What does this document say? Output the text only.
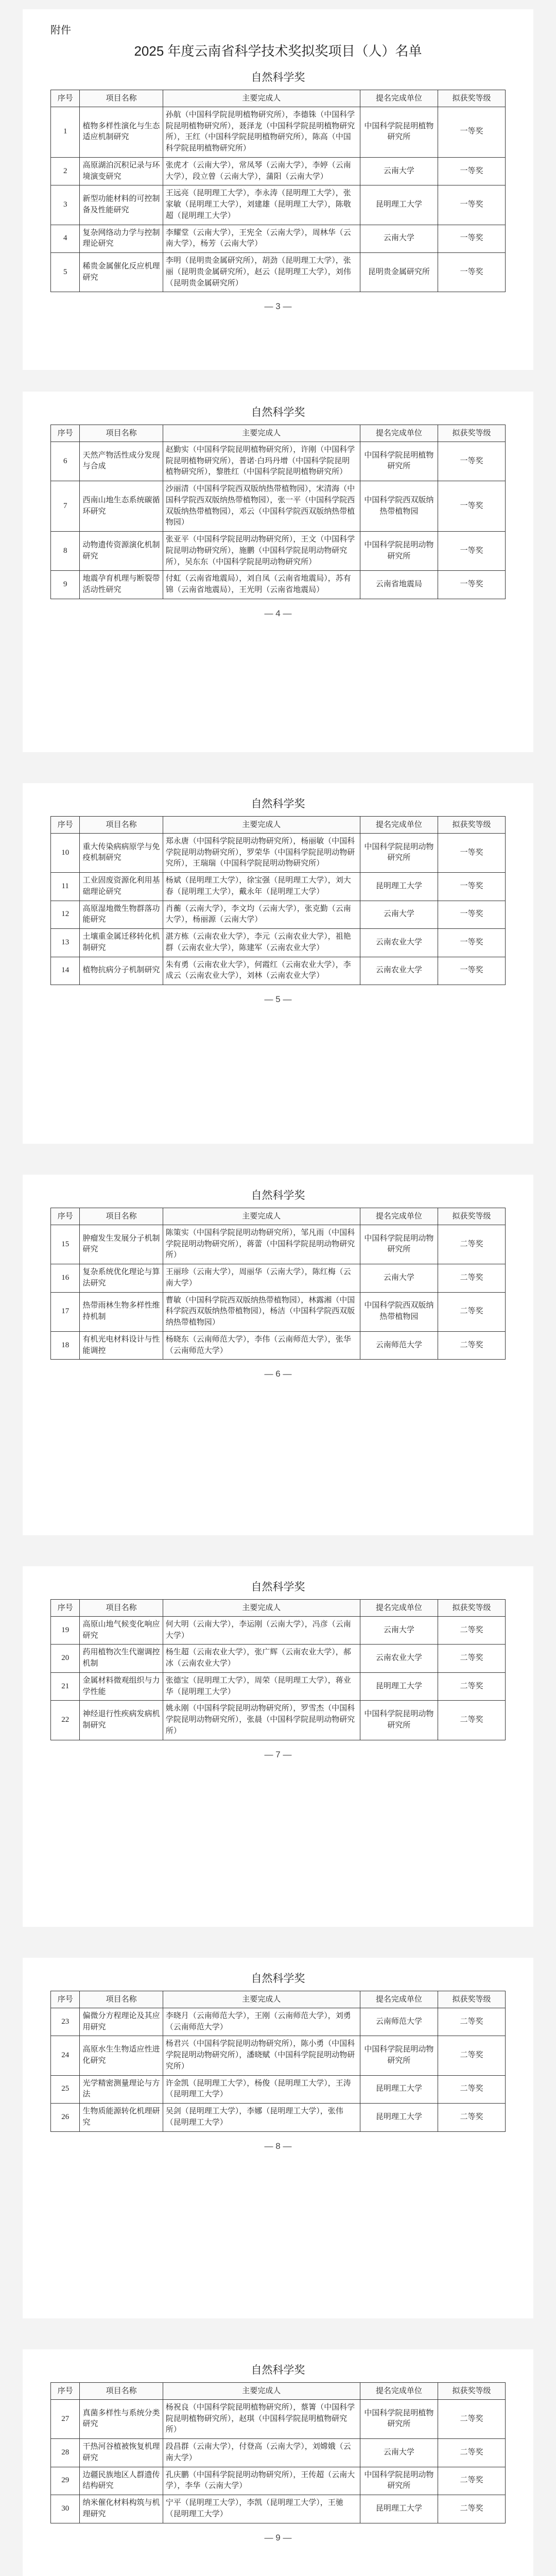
附件
2025 年度云南省科学技术奖拟奖项目（人）名单
自然科学奖
序号	项目名称	主要完成人	提名完成单位	拟获奖等级
1	植物多样性演化与生态适应机制研究	孙航（中国科学院昆明植物研究所），李德铢（中国科学院昆明植物研究所），聂泽龙（中国科学院昆明植物研究所），王红（中国科学院昆明植物研究所），陈高（中国科学院昆明植物研究所）	中国科学院昆明植物研究所	一等奖
2	高原湖泊沉积记录与环境演变研究	张虎才（云南大学），常凤琴（云南大学），李婷（云南大学），段立曾（云南大学），蒲阳（云南大学）	云南大学	一等奖
3	新型功能材料的可控制备及性能研究	王远亮（昆明理工大学），李永涛（昆明理工大学），张家敏（昆明理工大学），刘建雄（昆明理工大学），陈敬超（昆明理工大学）	昆明理工大学	一等奖
4	复杂网络动力学与控制理论研究	李耀堂（云南大学），王宪全（云南大学），周林华（云南大学），杨芳（云南大学）	云南大学	一等奖
5	稀贵金属催化反应机理研究	李明（昆明贵金属研究所），胡劲（昆明理工大学），张丽（昆明贵金属研究所），赵云（昆明理工大学），刘伟（昆明贵金属研究所）	昆明贵金属研究所	一等奖
— 3 —
自然科学奖
序号	项目名称	主要完成人	提名完成单位	拟获奖等级
6	天然产物活性成分发现与合成	赵勤实（中国科学院昆明植物研究所），许刚（中国科学院昆明植物研究所），普诺·白玛丹增（中国科学院昆明植物研究所），黎胜红（中国科学院昆明植物研究所）	中国科学院昆明植物研究所	一等奖
7	西南山地生态系统碳循环研究	沙丽清（中国科学院西双版纳热带植物园），宋清海（中国科学院西双版纳热带植物园），张一平（中国科学院西双版纳热带植物园），邓云（中国科学院西双版纳热带植物园）	中国科学院西双版纳热带植物园	一等奖
8	动物遗传资源演化机制研究	张亚平（中国科学院昆明动物研究所），王文（中国科学院昆明动物研究所），施鹏（中国科学院昆明动物研究所），吴东东（中国科学院昆明动物研究所）	中国科学院昆明动物研究所	一等奖
9	地震孕育机理与断裂带活动性研究	付虹（云南省地震局），刘自凤（云南省地震局），苏有锦（云南省地震局），王光明（云南省地震局）	云南省地震局	一等奖
— 4 —
自然科学奖
序号	项目名称	主要完成人	提名完成单位	拟获奖等级
10	重大传染病病原学与免疫机制研究	郑永唐（中国科学院昆明动物研究所），杨丽敏（中国科学院昆明动物研究所），罗荣华（中国科学院昆明动物研究所），王瑞瑞（中国科学院昆明动物研究所）	中国科学院昆明动物研究所	一等奖
11	工业固废资源化利用基础理论研究	杨斌（昆明理工大学），徐宝强（昆明理工大学），刘大春（昆明理工大学），戴永年（昆明理工大学）	昆明理工大学	一等奖
12	高原湿地微生物群落功能研究	肖蘅（云南大学），李文均（云南大学），张克勤（云南大学），杨丽源（云南大学）	云南大学	一等奖
13	土壤重金属迁移转化机制研究	湛方栋（云南农业大学），李元（云南农业大学），祖艳群（云南农业大学），陈建军（云南农业大学）	云南农业大学	一等奖
14	植物抗病分子机制研究	朱有勇（云南农业大学），何霞红（云南农业大学），李成云（云南农业大学），刘林（云南农业大学）	云南农业大学	一等奖
— 5 —
自然科学奖
序号	项目名称	主要完成人	提名完成单位	拟获奖等级
15	肿瘤发生发展分子机制研究	陈策实（中国科学院昆明动物研究所），邹凡雨（中国科学院昆明动物研究所），蒋蕾（中国科学院昆明动物研究所）	中国科学院昆明动物研究所	二等奖
16	复杂系统优化理论与算法研究	王丽珍（云南大学），周丽华（云南大学），陈红梅（云南大学）	云南大学	二等奖
17	热带雨林生物多样性维持机制	曹敏（中国科学院西双版纳热带植物园），林露湘（中国科学院西双版纳热带植物园），杨洁（中国科学院西双版纳热带植物园）	中国科学院西双版纳热带植物园	二等奖
18	有机光电材料设计与性能调控	杨晓东（云南师范大学），李伟（云南师范大学），张华（云南师范大学）	云南师范大学	二等奖
— 6 —
自然科学奖
序号	项目名称	主要完成人	提名完成单位	拟获奖等级
19	高原山地气候变化响应研究	何大明（云南大学），李运刚（云南大学），冯彦（云南大学）	云南大学	二等奖
20	药用植物次生代谢调控机制	杨生超（云南农业大学），张广辉（云南农业大学），郝冰（云南农业大学）	云南农业大学	二等奖
21	金属材料微观组织与力学性能	张德宝（昆明理工大学），周荣（昆明理工大学），蒋业华（昆明理工大学）	昆明理工大学	二等奖
22	神经退行性疾病发病机制研究	姚永刚（中国科学院昆明动物研究所），罗雪杰（中国科学院昆明动物研究所），张晨（中国科学院昆明动物研究所）	中国科学院昆明动物研究所	二等奖
— 7 —
自然科学奖
序号	项目名称	主要完成人	提名完成单位	拟获奖等级
23	偏微分方程理论及其应用研究	李晓月（云南师范大学），王刚（云南师范大学），刘勇（云南师范大学）	云南师范大学	二等奖
24	高原水生生物适应性进化研究	杨君兴（中国科学院昆明动物研究所），陈小勇（中国科学院昆明动物研究所），潘晓赋（中国科学院昆明动物研究所）	中国科学院昆明动物研究所	二等奖
25	光学精密测量理论与方法	许金凯（昆明理工大学），杨俊（昆明理工大学），王涛（昆明理工大学）	昆明理工大学	二等奖
26	生物质能源转化机理研究	吴剑（昆明理工大学），李娜（昆明理工大学），张伟（昆明理工大学）	昆明理工大学	二等奖
— 8 —
自然科学奖
序号	项目名称	主要完成人	提名完成单位	拟获奖等级
27	真菌多样性与系统分类研究	杨祝良（中国科学院昆明植物研究所），蔡箐（中国科学院昆明植物研究所），赵琪（中国科学院昆明植物研究所）	中国科学院昆明植物研究所	二等奖
28	干热河谷植被恢复机理研究	段昌群（云南大学），付登高（云南大学），刘嫦娥（云南大学）	云南大学	二等奖
29	边疆民族地区人群遗传结构研究	孔庆鹏（中国科学院昆明动物研究所），王传超（云南大学），李华（云南大学）	中国科学院昆明动物研究所	二等奖
30	纳米催化材料构筑与机理研究	宁平（昆明理工大学），李凯（昆明理工大学），王驰（昆明理工大学）	昆明理工大学	二等奖
— 9 —
